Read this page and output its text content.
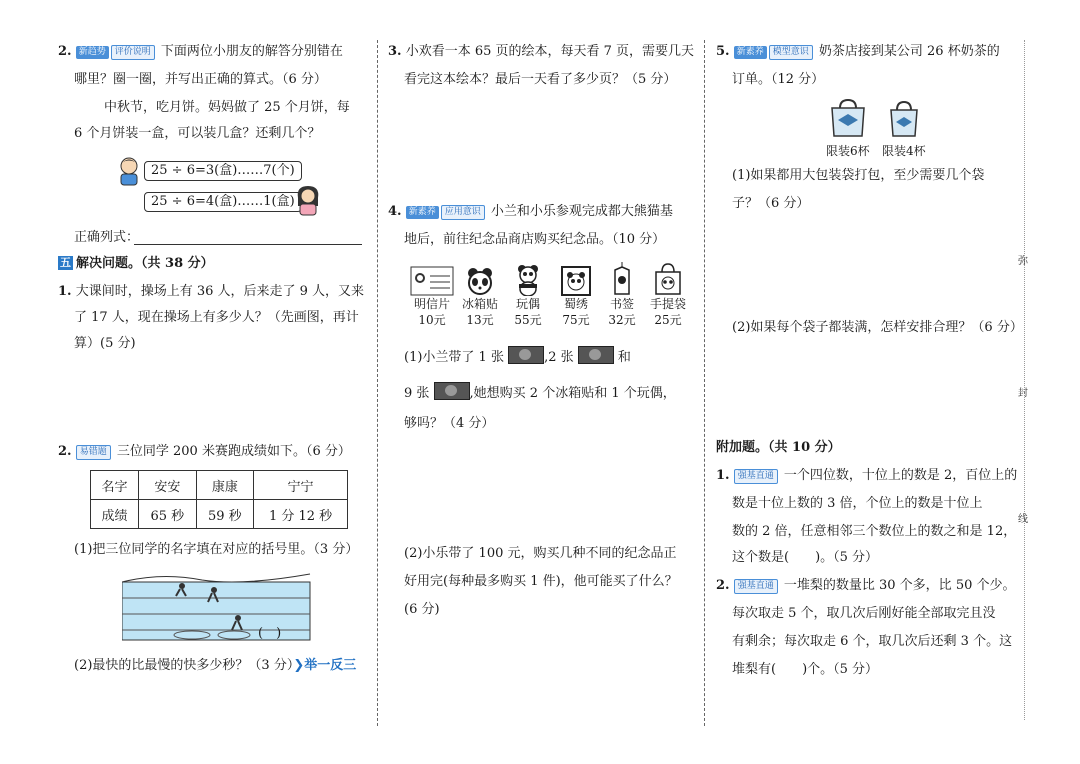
2. 新趋势 评价说明 下面两位小朋友的解答分别错在
哪里？圈一圈，并写出正确的算式。（6 分）
中秋节，吃月饼。妈妈做了 25 个月饼，每
6 个月饼装一盒，可以装几盒？还剩几个？
25 ÷ 6=3(盒)……7(个)
25 ÷ 6=4(盒)……1(盒)
正确列式：
五 解决问题。（共 38 分）
1. 大课间时，操场上有 36 人，后来走了 9 人，又来
了 17 人，现在操场上有多少人？（先画图，再计
算）(5 分)
2. 易错题 三位同学 200 米赛跑成绩如下。（6 分）
名字	安安	康康	宁宁
成绩	65 秒	59 秒	1 分 12 秒
(1)把三位同学的名字填在对应的括号里。（3 分）
(　)
(2)最快的比最慢的快多少秒？（3 分）❯举一反三
3. 小欢看一本 65 页的绘本，每天看 7 页，需要几天
看完这本绘本？最后一天看了多少页？（5 分）
4. 新素养 应用意识 小兰和小乐参观完成都大熊猫基
地后，前往纪念品商店购买纪念品。（10 分）
明信片
10元
冰箱贴
13元
玩偶
55元
蜀绣
75元
书签
32元
手提袋
25元
(1)小兰带了 1 张	,2 张	和
9 张	,她想购买 2 个冰箱贴和 1 个玩偶，
够吗？（4 分）
(2)小乐带了 100 元，购买几种不同的纪念品正
好用完(每种最多购买 1 件)，他可能买了什么？
(6 分)
5. 新素养 模型意识 奶茶店接到某公司 26 杯奶茶的
订单。（12 分）
限装6杯 限装4杯
(1)如果都用大包装袋打包，至少需要几个袋
子？（6 分）
(2)如果每个袋子都装满，怎样安排合理？（6 分）
附加题。（共 10 分）
1. 强基直通 一个四位数，十位上的数是 2，百位上的
数是十位上数的 3 倍，个位上的数是十位上
数的 2 倍，任意相邻三个数位上的数之和是 12，
这个数是(　　)。（5 分）
2. 强基直通 一堆梨的数量比 30 个多，比 50 个少。
每次取走 5 个，取几次后刚好能全部取完且没
有剩余；每次取走 6 个，取几次后还剩 3 个。这
堆梨有(　　)个。（5 分）
弥
封
线
